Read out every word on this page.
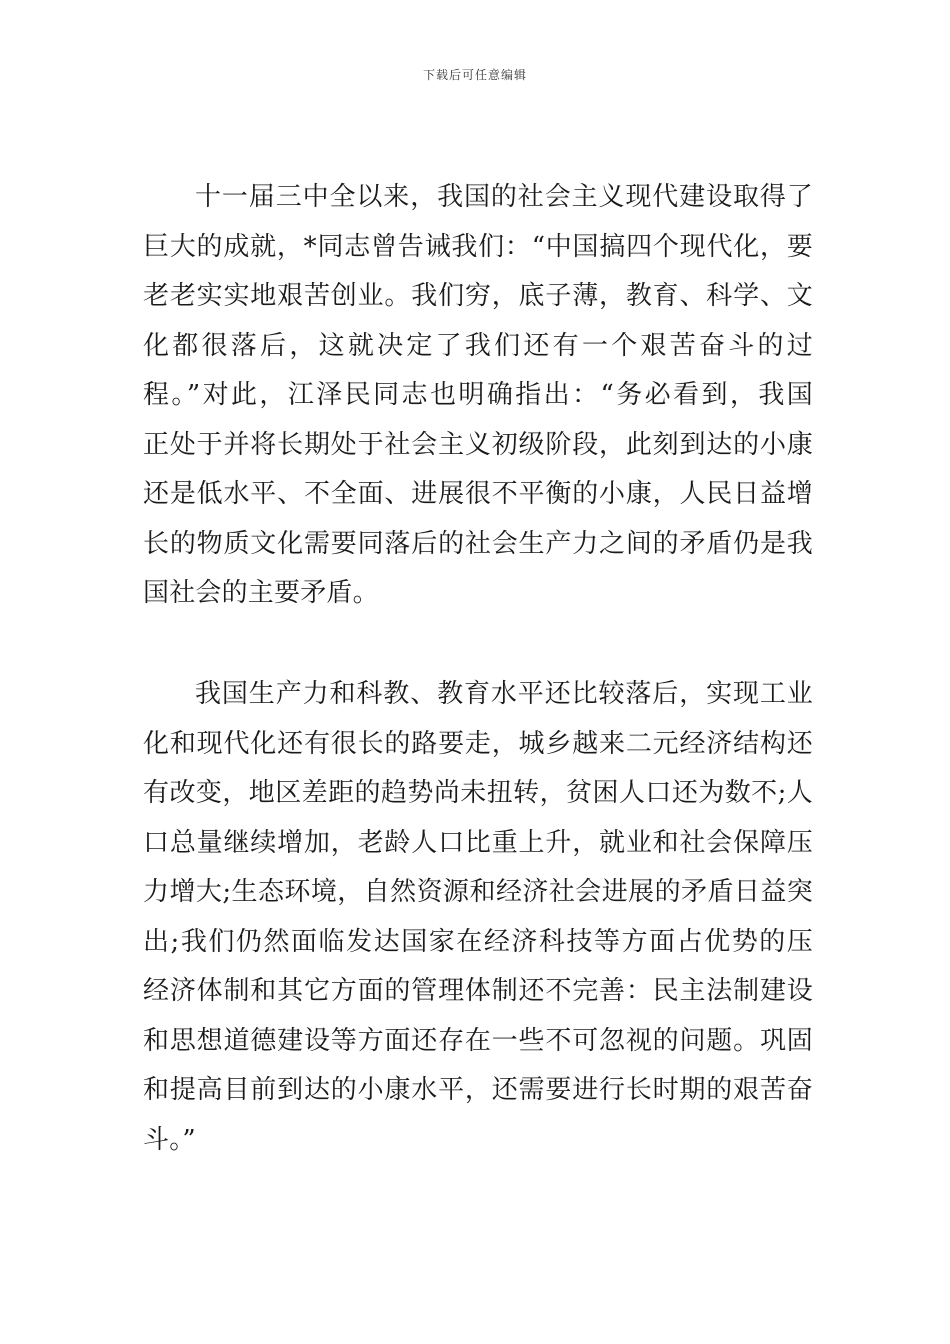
下载后可任意编辑
十一届三中全以来，我国的社会主义现代建设取得了
巨大的成就，*同志曾告诫我们：“中国搞四个现代化，要
老老实实地艰苦创业。我们穷，底子薄，教育、科学、文
化都很落后，这就决定了我们还有一个艰苦奋斗的过
程。”对此，江泽民同志也明确指出：“务必看到，我国
正处于并将长期处于社会主义初级阶段，此刻到达的小康
还是低水平、不全面、进展很不平衡的小康，人民日益增
长的物质文化需要同落后的社会生产力之间的矛盾仍是我
国社会的主要矛盾。
我国生产力和科教、教育水平还比较落后，实现工业
化和现代化还有很长的路要走，城乡越来二元经济结构还
有改变，地区差距的趋势尚未扭转，贫困人口还为数不;人
口总量继续增加，老龄人口比重上升，就业和社会保障压
力增大;生态环境，自然资源和经济社会进展的矛盾日益突
出;我们仍然面临发达国家在经济科技等方面占优势的压
经济体制和其它方面的管理体制还不完善：民主法制建设
和思想道德建设等方面还存在一些不可忽视的问题。巩固
和提高目前到达的小康水平，还需要进行长时期的艰苦奋
斗。”
